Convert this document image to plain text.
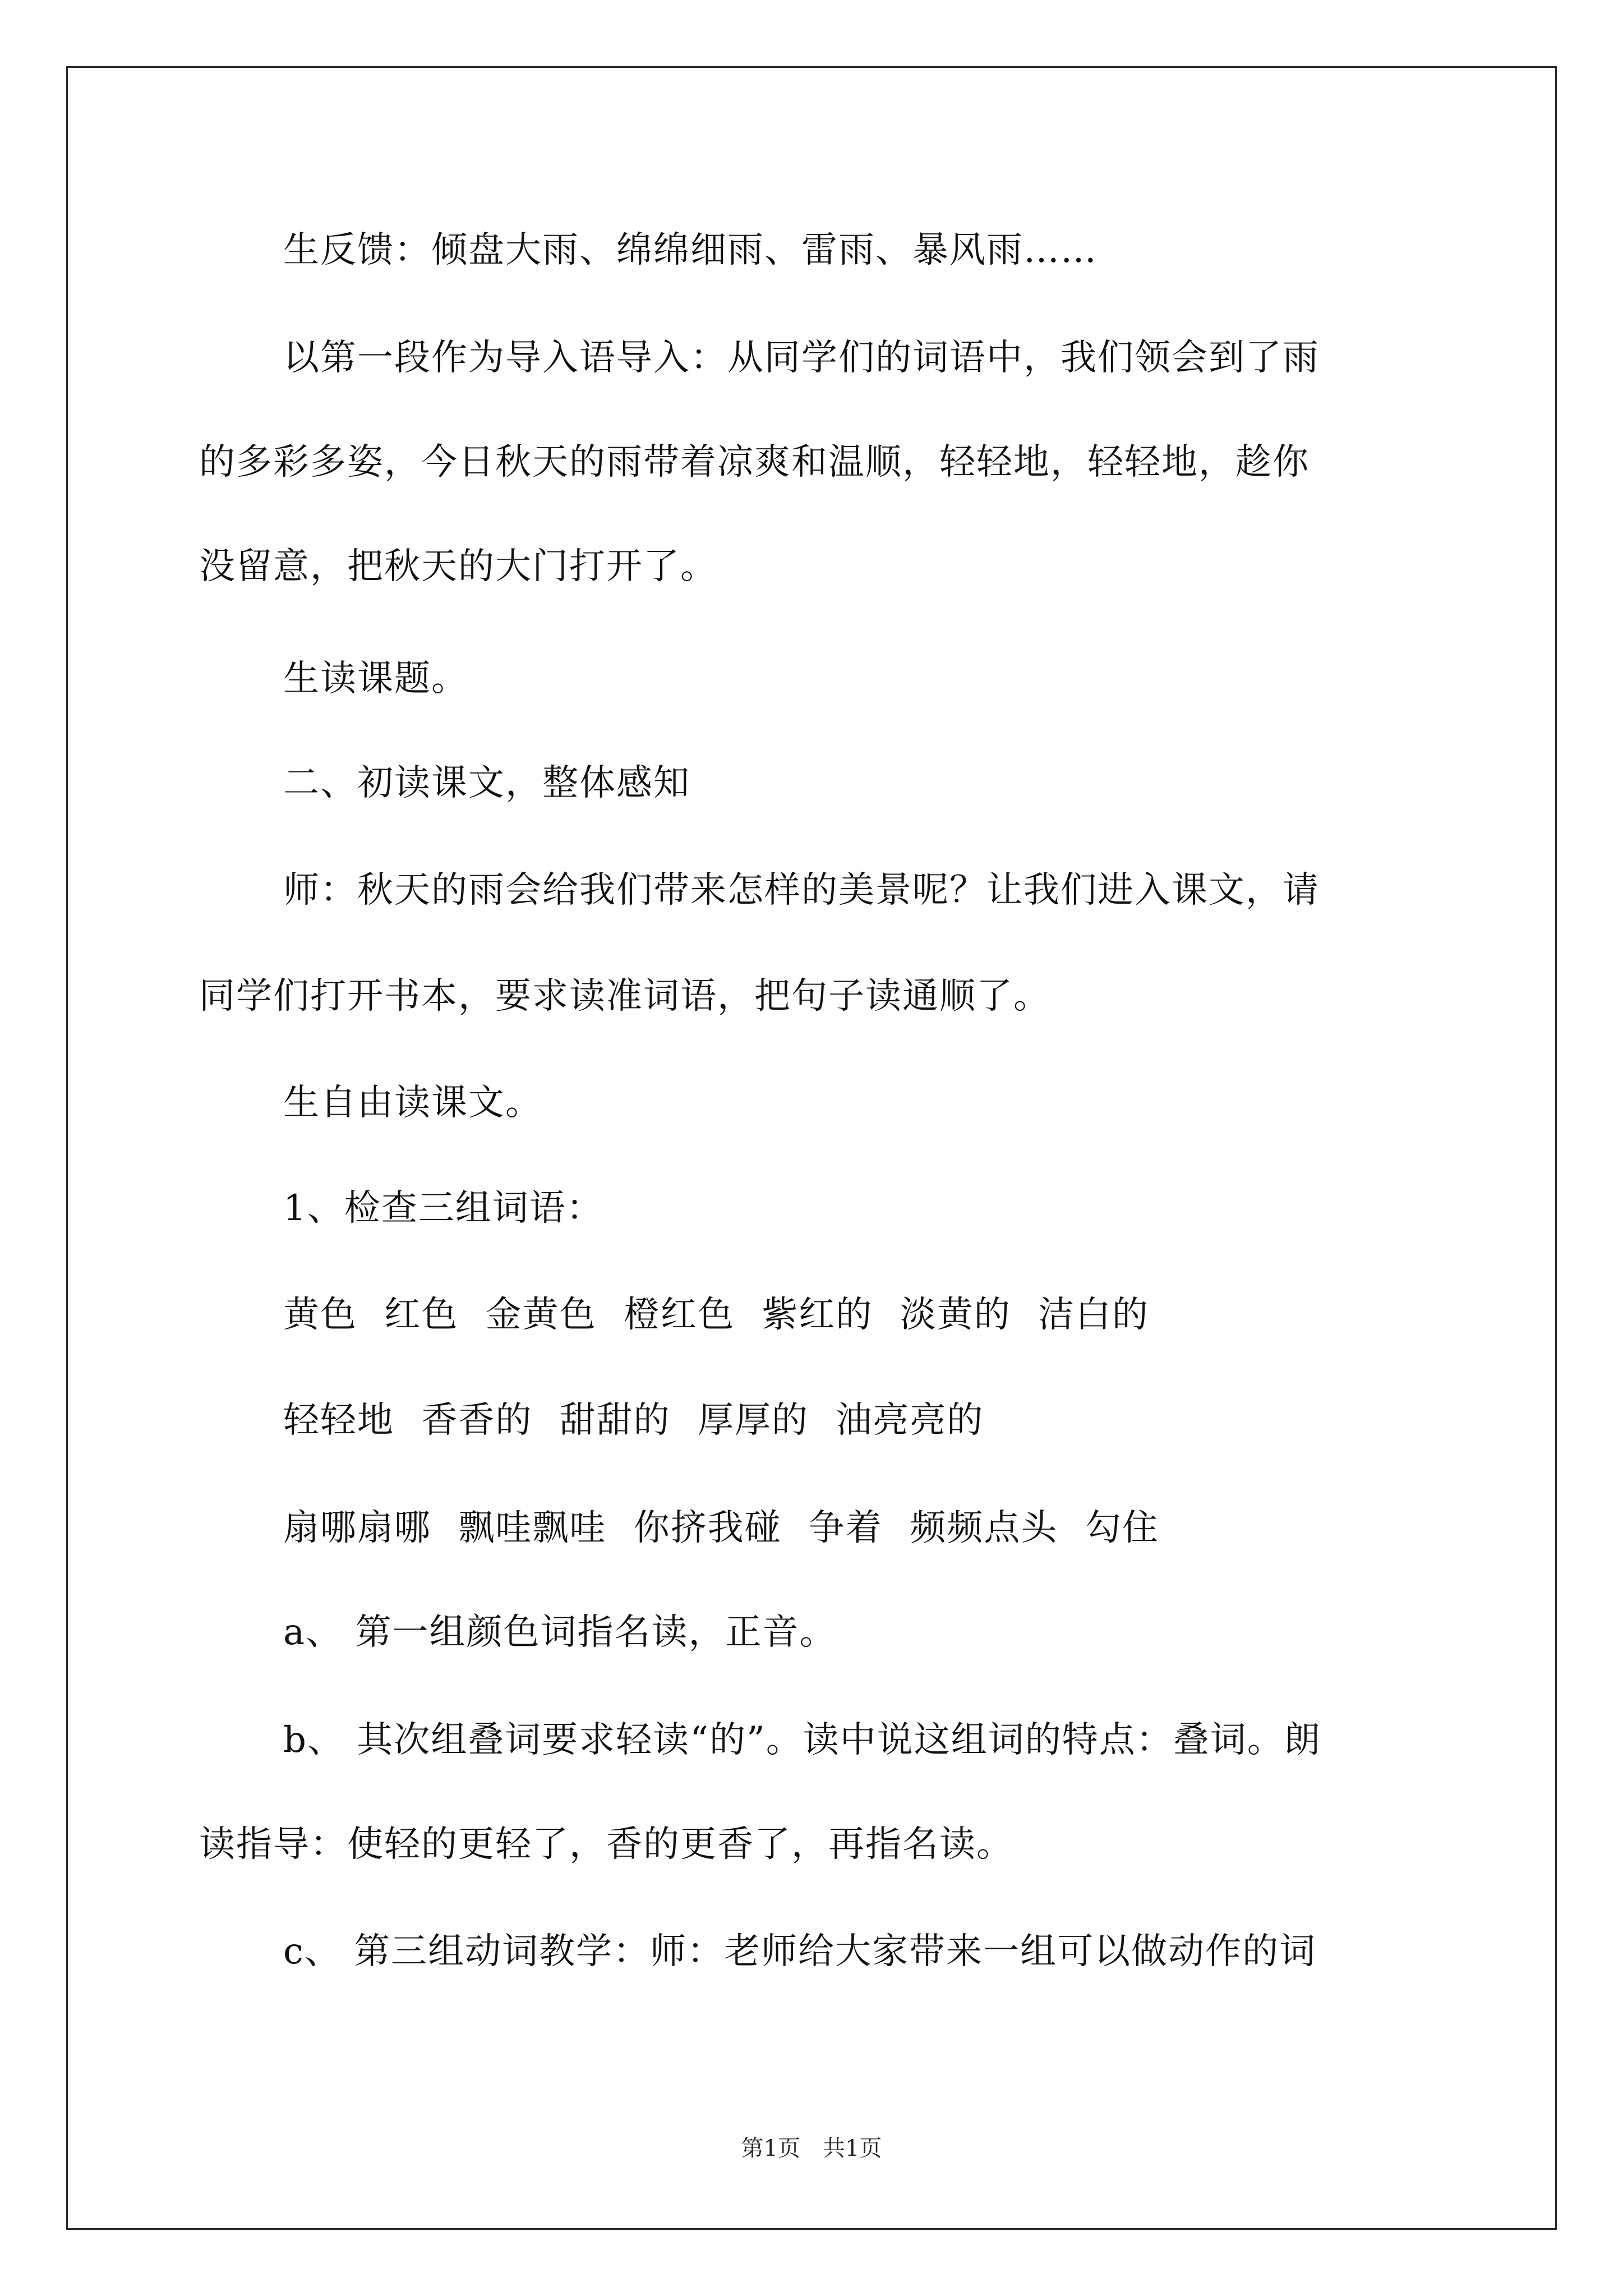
生反馈：倾盘大雨、绵绵细雨、雷雨、暴风雨……
以第一段作为导入语导入：从同学们的词语中，我们领会到了雨
的多彩多姿，今日秋天的雨带着凉爽和温顺，轻轻地，轻轻地，趁你
没留意，把秋天的大门打开了。
生读课题。
二、初读课文，整体感知
师：秋天的雨会给我们带来怎样的美景呢？让我们进入课文，请
同学们打开书本，要求读准词语，把句子读通顺了。
生自由读课文。
1、检查三组词语：
黄色 红色 金黄色 橙红色 紫红的 淡黄的 洁白的
轻轻地 香香的 甜甜的 厚厚的 油亮亮的
扇哪扇哪 飘哇飘哇 你挤我碰 争着 频频点头 勾住
a、 第一组颜色词指名读，正音。
b、 其次组叠词要求轻读“的”。读中说这组词的特点：叠词。朗
读指导：使轻的更轻了，香的更香了，再指名读。
c、 第三组动词教学：师：老师给大家带来一组可以做动作的词
第1页　共1页
